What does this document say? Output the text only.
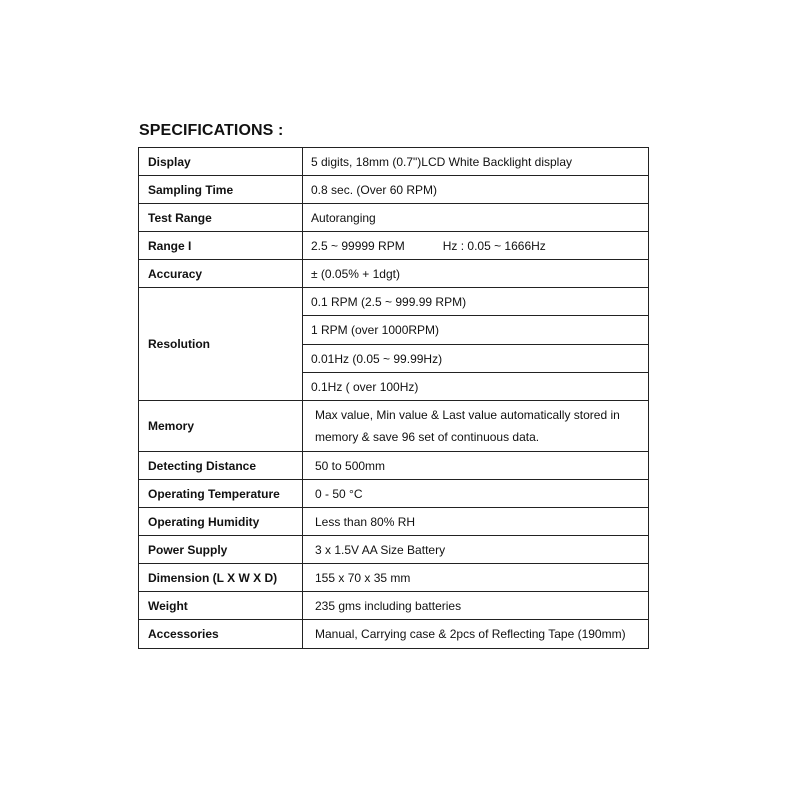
SPECIFICATIONS :
Display	5 digits, 18mm (0.7")LCD White Backlight display
Sampling Time	0.8 sec. (Over 60 RPM)
Test Range	Autoranging
Range I	2.5 ~ 99999 RPM Hz : 0.05 ~ 1666Hz
Accuracy	± (0.05% + 1dgt)
Resolution	0.1 RPM (2.5 ~ 999.99 RPM)
	1 RPM (over 1000RPM)
	0.01Hz (0.05 ~ 99.99Hz)
	0.1Hz ( over 100Hz)
Memory	Max value, Min value & Last value automatically stored in
memory & save 96 set of continuous data.

Detecting Distance	50 to 500mm
Operating Temperature	0 - 50 °C
Operating Humidity	Less than 80% RH
Power Supply	3 x 1.5V AA Size Battery
Dimension (L X W X D)	155 x 70 x 35 mm
Weight	235 gms including batteries
Accessories	Manual, Carrying case & 2pcs of Reflecting Tape (190mm)
